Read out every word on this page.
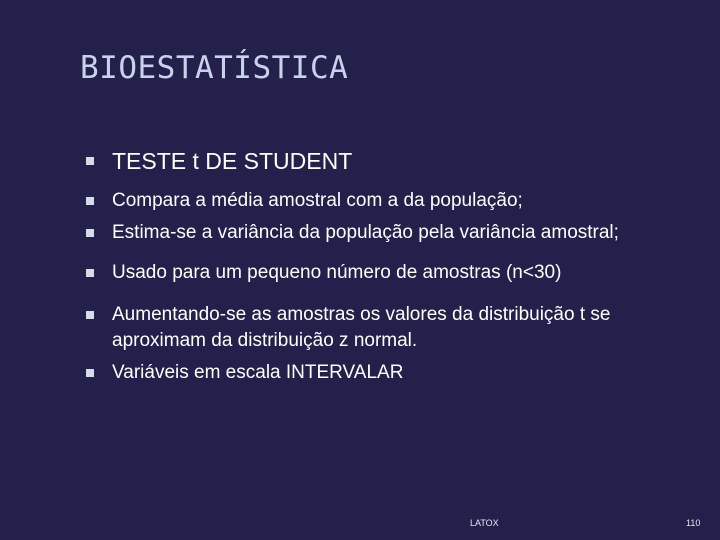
BIOESTATÍSTICA
TESTE t DE STUDENT
Compara a média amostral com a da população;
Estima-se a variância da população pela variância amostral;
Usado para um pequeno número de amostras (n<30)
Aumentando-se as amostras os valores da distribuição t se aproximam da distribuição z normal.
Variáveis em escala INTERVALAR
LATOX	110
